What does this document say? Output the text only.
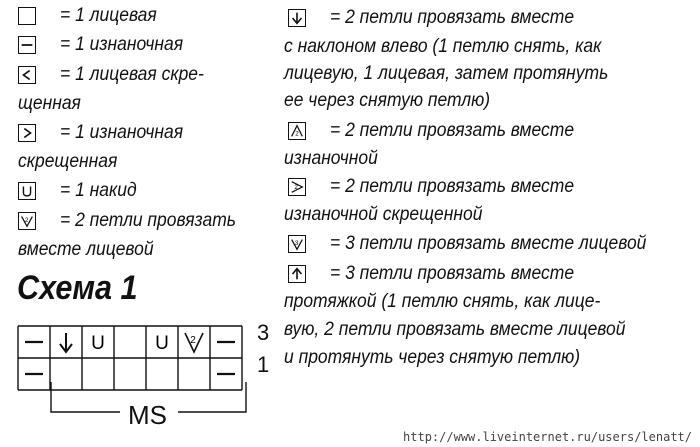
= 1 лицевая
= 1 изнаночная
= 1 лицевая скре-
щенная
= 1 изнаночная
скрещенная
= 1 накид
2 = 2 петли провязать
вместе лицевой
= 2 петли провязать вместе
с наклоном влево (1 петлю снять, как
лицевую, 1 лицевая, затем протянуть
ее через снятую петлю)
2 = 2 петли провязать вместе
изнаночной
2 = 2 петли провязать вместе
изнаночной скрещенной
3 = 3 петли провязать вместе лицевой
= 3 петли провязать вместе
протяжкой (1 петлю снять, как лице-
вую, 2 петли провязать вместе лицевой
и протянуть через снятую петлю)
Схема 1
U	U 2	3
1
MS
http://www.liveinternet.ru/users/lenatt/
